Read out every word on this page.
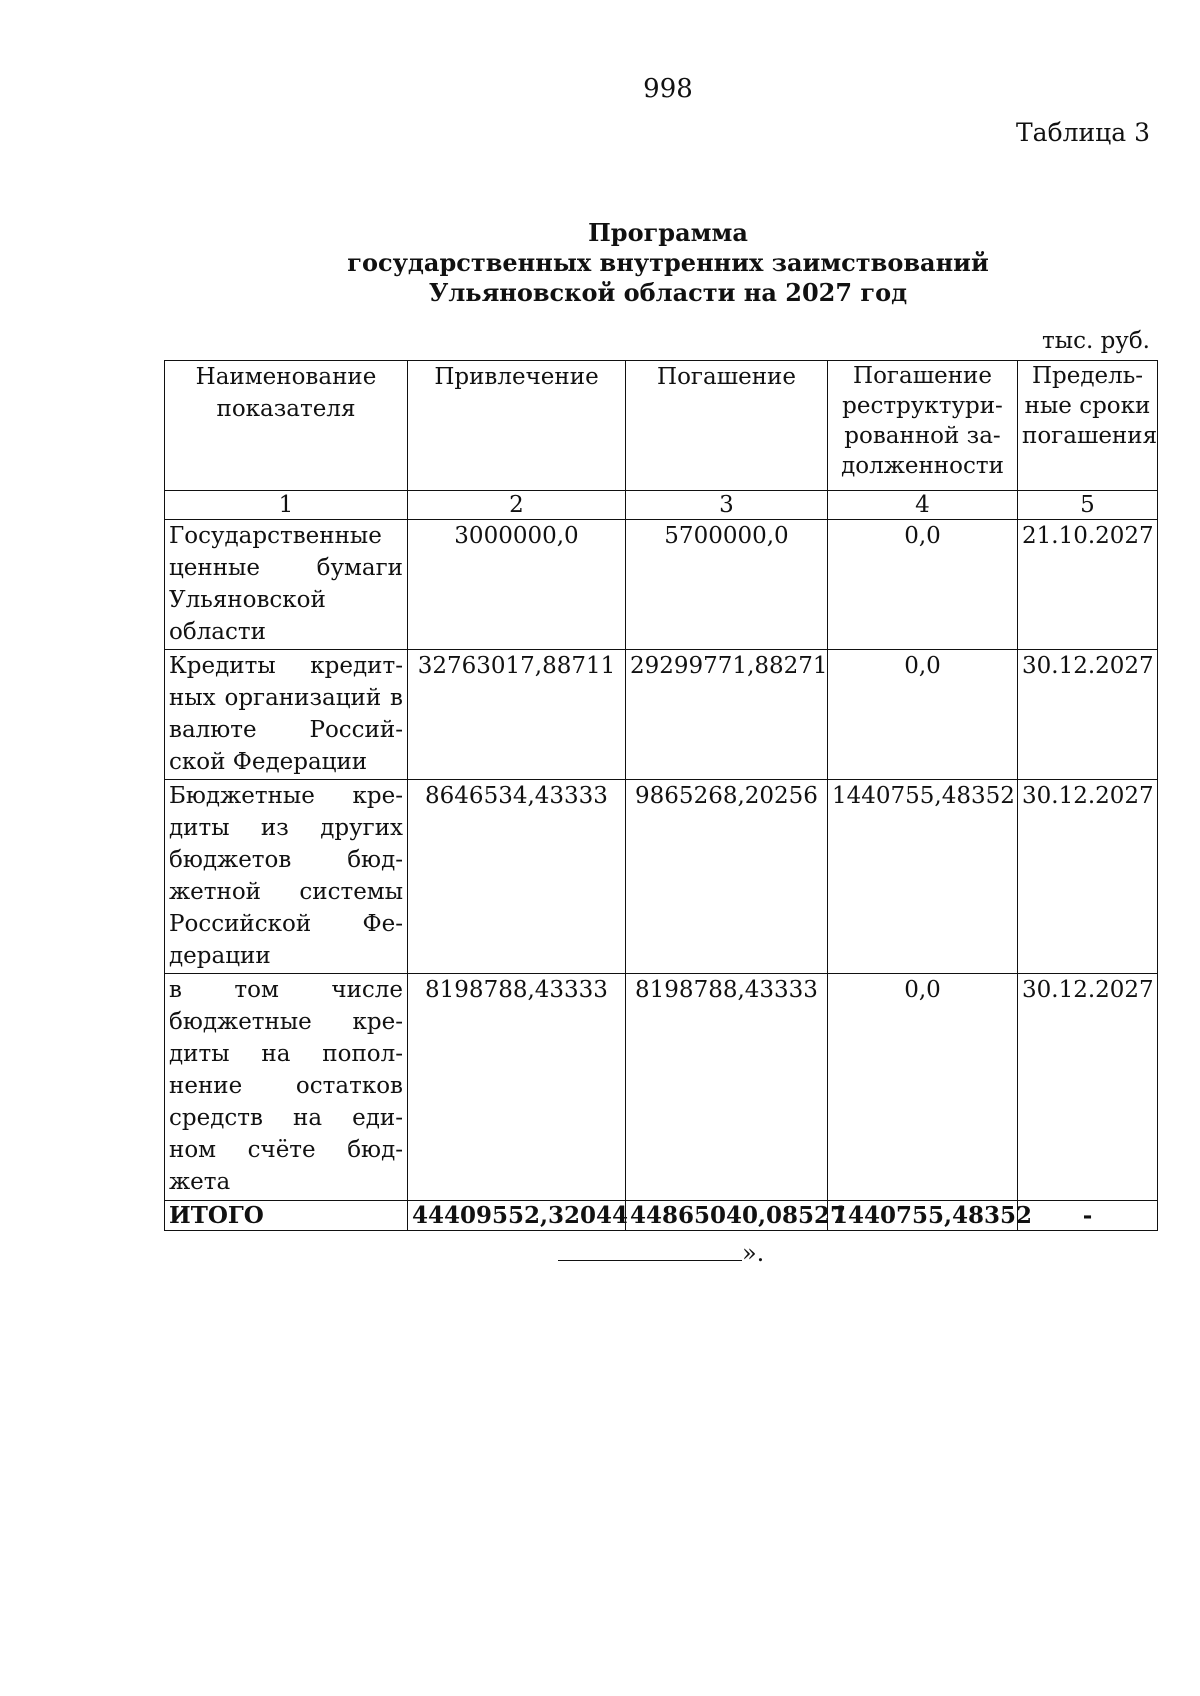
998
Таблица 3
Программа
государственных внутренних заимствований
Ульяновской области на 2027 год
тыс. руб.
Наименование показателя	Привлечение	Погашение	Погашение реструктури-рованной за-долженности	Предель-ные сроки погашения
1	2	3	4	5
Государственные ценные бумаги Ульяновской области	3000000,0	5700000,0	0,0	21.10.2027
Кредиты кредит-ных организаций в валюте Россий-ской Федерации	32763017,88711	29299771,88271	0,0	30.12.2027
Бюджетные кре-диты из других бюджетов бюд-жетной системы Российской Фе-дерации	8646534,43333	9865268,20256	1440755,48352	30.12.2027
в том числе бюджетные кре-диты на попол-нение остатков средств на еди-ном счёте бюд-жета	8198788,43333	8198788,43333	0,0	30.12.2027
ИТОГО	44409552,32044	44865040,08527	1440755,48352	-
».
